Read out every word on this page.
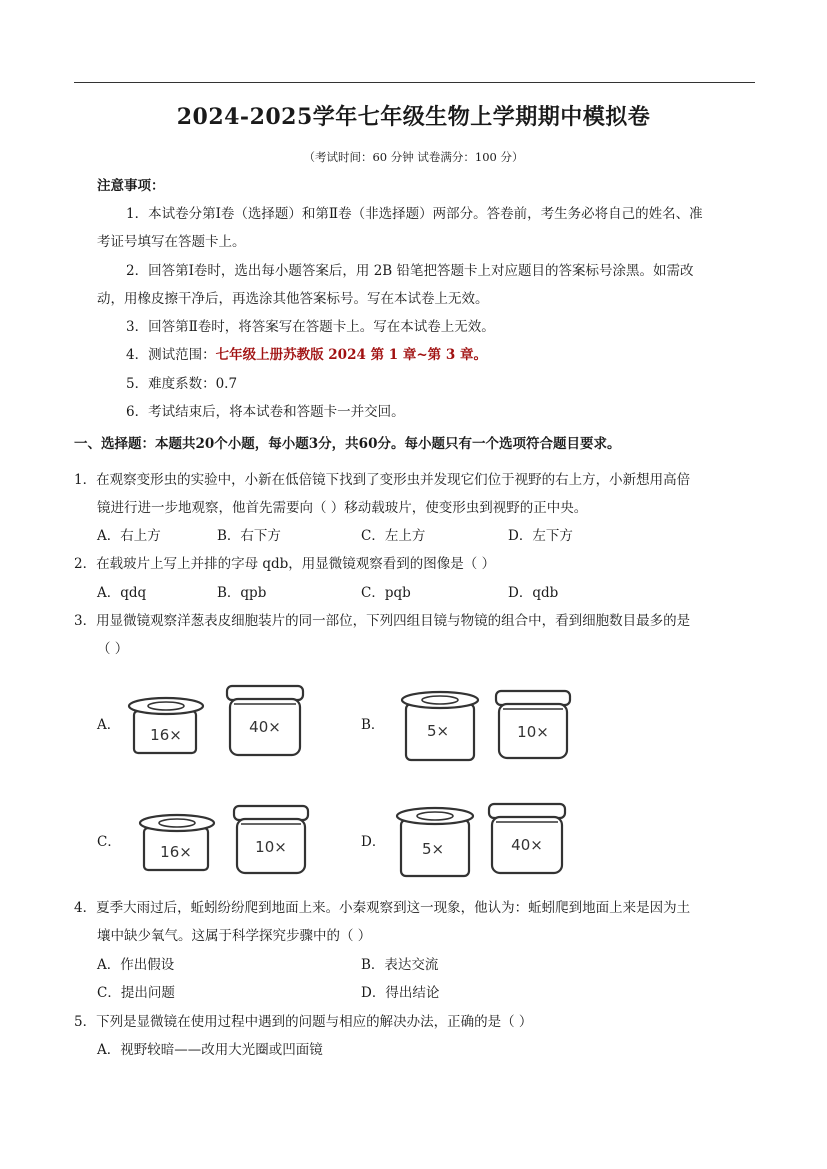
2024-2025学年七年级生物上学期期中模拟卷
（考试时间：60 分钟 试卷满分：100 分）
注意事项：
1．本试卷分第Ⅰ卷（选择题）和第Ⅱ卷（非选择题）两部分。答卷前，考生务必将自己的姓名、准
考证号填写在答题卡上。
2．回答第Ⅰ卷时，选出每小题答案后，用 2B 铅笔把答题卡上对应题目的答案标号涂黑。如需改
动，用橡皮擦干净后，再选涂其他答案标号。写在本试卷上无效。
3．回答第Ⅱ卷时，将答案写在答题卡上。写在本试卷上无效。
4．测试范围：七年级上册苏教版 2024 第 1 章~第 3 章。
5．难度系数：0.7
6．考试结束后，将本试卷和答题卡一并交回。
一、选择题：本题共20个小题，每小题3分，共60分。每小题只有一个选项符合题目要求。
1．在观察变形虫的实验中，小新在低倍镜下找到了变形虫并发现它们位于视野的右上方，小新想用高倍
镜进行进一步地观察，他首先需要向（ ）移动载玻片，使变形虫到视野的正中央。
A．右上方	B．右下方	C．左上方	D．左下方
2．在载玻片上写上并排的字母 qdb，用显微镜观察看到的图像是（ ）
A．qdq	B．qpb	C．pqb	D．qdb
3．用显微镜观察洋葱表皮细胞装片的同一部位，下列四组目镜与物镜的组合中，看到细胞数目最多的是
（ ）
A．	B．
C．	D．
16×	40×	5×	10×
16×	10×	5×	40×
4．夏季大雨过后，蚯蚓纷纷爬到地面上来。小秦观察到这一现象，他认为：蚯蚓爬到地面上来是因为土
壤中缺少氧气。这属于科学探究步骤中的（ ）
A．作出假设	B．表达交流
C．提出问题	D．得出结论
5．下列是显微镜在使用过程中遇到的问题与相应的解决办法，正确的是（ ）
A．视野较暗——改用大光圈或凹面镜
